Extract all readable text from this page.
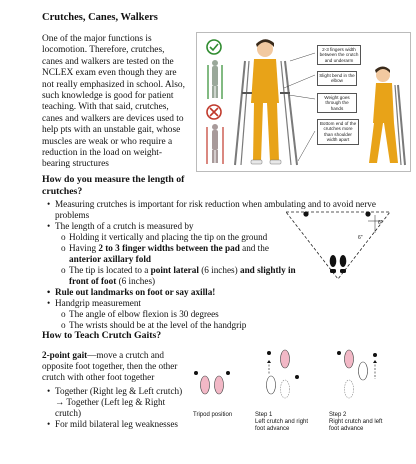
Crutches, Canes, Walkers
One of the major functions is
locomotion. Therefore, crutches,
canes and walkers are tested on the
NCLEX exam even though they are
not really emphasized in school. Also,
such knowledge is good for patient
teaching. With that said, crutches,
canes and walkers are devices used to
help pts with an unstable gait, whose
muscles are weak or who require a
reduction in the load on weight-
bearing structures
2-3 fingers width between the crutch and underarm
Slight bend in the elbow
Weight goes through the hands
Bottom end of the crutches more than shoulder width apart
How do you measure the length of
crutches?
• Measuring crutches is important for risk reduction when ambulating and to avoid nerve
problems
• The length of a crutch is measured by
o Holding it vertically and placing the tip on the ground
o Having 2 to 3 finger widths between the pad and the
anterior axillary fold
o The tip is located to a point lateral (6 inches) and slightly in
front of foot (6 inches)
• Rule out landmarks on foot or say axilla!
• Handgrip measurement
o The angle of elbow flexion is 30 degrees
o The wrists should be at the level of the handgrip
6"
6"
How to Teach Crutch Gaits?
2-point gait—move a crutch and
opposite foot together, then the other
crutch with other foot together
• Together (Right leg & Left crutch)
→ Together (Left leg & Right
crutch)
• For mild bilateral leg weaknesses
Tripod position	Step 1
Left crutch and right
foot advance
Step 2
Right crutch and left
foot advance
